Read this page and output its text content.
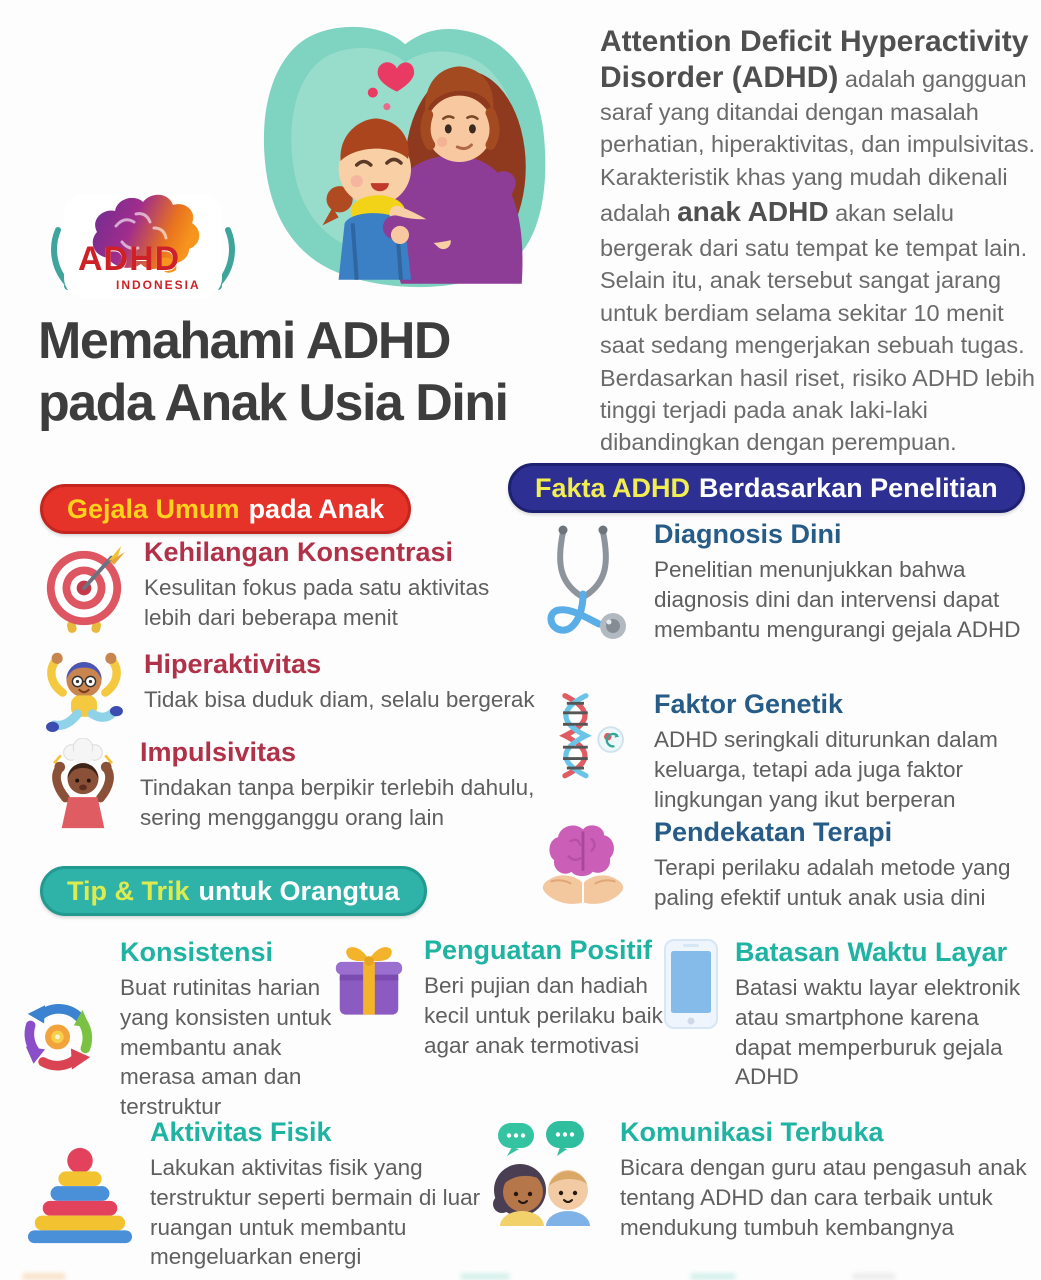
ADHD
INDONESIA
Attention Deficit Hyperactivity Disorder (ADHD) adalah gangguan saraf yang ditandai dengan masalah perhatian, hiperaktivitas, dan impulsivitas. Karakteristik khas yang mudah dikenali adalah anak ADHD akan selalu bergerak dari satu tempat ke tempat lain. Selain itu, anak tersebut sangat jarang untuk berdiam selama sekitar 10 menit saat sedang mengerjakan sebuah tugas. Berdasarkan hasil riset, risiko ADHD lebih tinggi terjadi pada anak laki-laki dibandingkan dengan perempuan.
Memahami ADHD
pada Anak Usia Dini
Gejala Umum pada Anak
Fakta ADHD Berdasarkan Penelitian
Tip & Trik untuk Orangtua
Kehilangan Konsentrasi

Kesulitan fokus pada satu aktivitas lebih dari beberapa menit

Hiperaktivitas

Tidak bisa duduk diam, selalu bergerak

Impulsivitas

Tindakan tanpa berpikir terlebih dahulu, sering mengganggu orang lain

Diagnosis Dini

Penelitian menunjukkan bahwa diagnosis dini dan intervensi dapat membantu mengurangi gejala ADHD

Faktor Genetik

ADHD seringkali diturunkan dalam keluarga, tetapi ada juga faktor lingkungan yang ikut berperan

Pendekatan Terapi

Terapi perilaku adalah metode yang paling efektif untuk anak usia dini

Konsistensi

Buat rutinitas harian yang konsisten untuk membantu anak merasa aman dan terstruktur

Penguatan Positif

Beri pujian dan hadiah kecil untuk perilaku baik agar anak termotivasi

Batasan Waktu Layar

Batasi waktu layar elektronik atau smartphone karena dapat memperburuk gejala ADHD

Aktivitas Fisik

Lakukan aktivitas fisik yang terstruktur seperti bermain di luar ruangan untuk membantu mengeluarkan energi

Komunikasi Terbuka

Bicara dengan guru atau pengasuh anak tentang ADHD dan cara terbaik untuk mendukung tumbuh kembangnya
